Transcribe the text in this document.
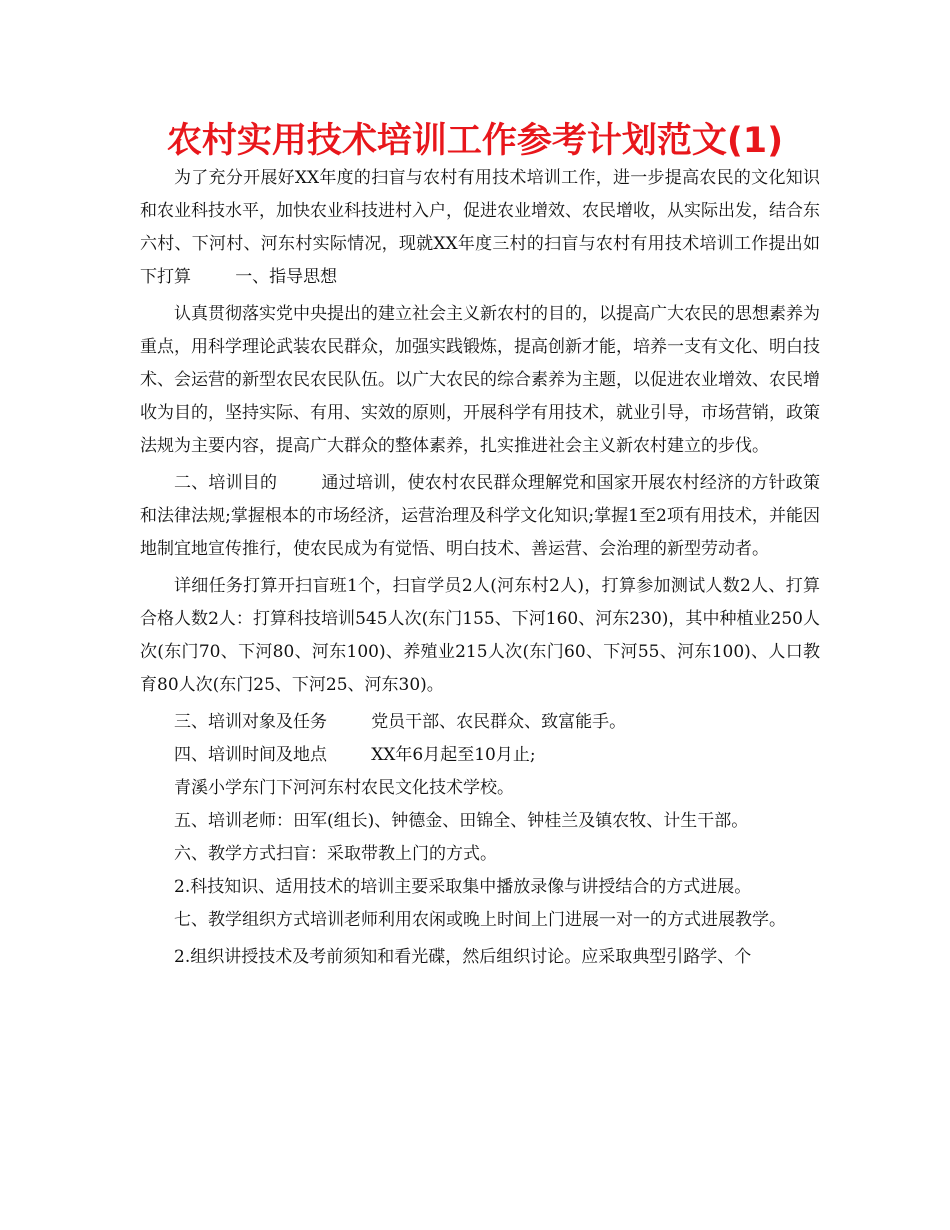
农村实用技术培训工作参考计划范文(1)

为了充分开展好XX年度的扫盲与农村有用技术培训工作，进一步提高农民的文化知识和农业科技水平，加快农业科技进村入户，促进农业增效、农民增收，从实际出发，结合东六村、下河村、河东村实际情况，现就XX年度三村的扫盲与农村有用技术培训工作提出如下打算	一、指导思想

认真贯彻落实党中央提出的建立社会主义新农村的目的，以提高广大农民的思想素养为重点，用科学理论武装农民群众，加强实践锻炼，提高创新才能，培养一支有文化、明白技术、会运营的新型农民农民队伍。以广大农民的综合素养为主题，以促进农业增效、农民增收为目的，坚持实际、有用、实效的原则，开展科学有用技术，就业引导，市场营销，政策法规为主要内容，提高广大群众的整体素养，扎实推进社会主义新农村建立的步伐。

二、培训目的	通过培训，使农村农民群众理解党和国家开展农村经济的方针政策和法律法规;掌握根本的市场经济，运营治理及科学文化知识;掌握1至2项有用技术，并能因地制宜地宣传推行，使农民成为有觉悟、明白技术、善运营、会治理的新型劳动者。

详细任务打算开扫盲班1个，扫盲学员2人(河东村2人)，打算参加测试人数2人、打算合格人数2人：打算科技培训545人次(东门155、下河160、河东230)，其中种植业250人次(东门70、下河80、河东100)、养殖业215人次(东门60、下河55、河东100)、人口教育80人次(东门25、下河25、河东30)。

三、培训对象及任务	党员干部、农民群众、致富能手。

四、培训时间及地点	XX年6月起至10月止;

青溪小学东门下河河东村农民文化技术学校。

五、培训老师：田军(组长)、钟德金、田锦全、钟桂兰及镇农牧、计生干部。

六、教学方式扫盲：采取带教上门的方式。

2.科技知识、适用技术的培训主要采取集中播放录像与讲授结合的方式进展。

七、教学组织方式培训老师利用农闲或晚上时间上门进展一对一的方式进展教学。

2.组织讲授技术及考前须知和看光碟，然后组织讨论。应采取典型引路学、个
